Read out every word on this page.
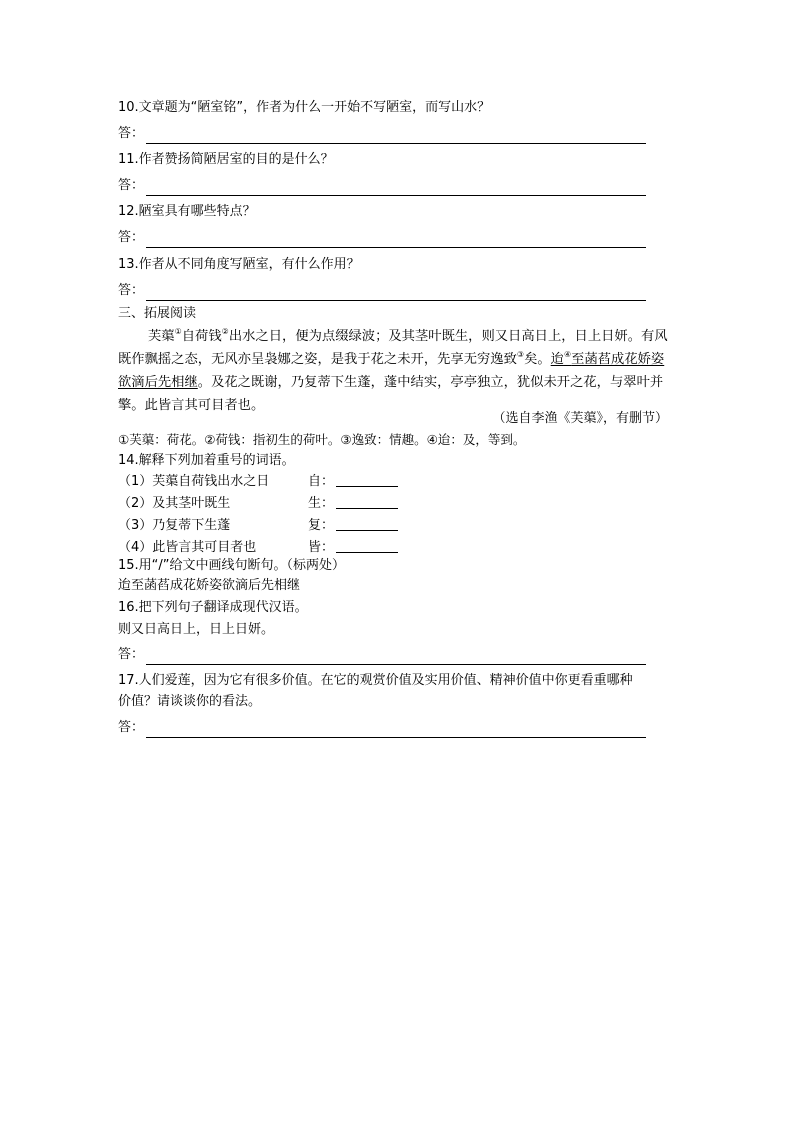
10.文章题为“陋室铭”，作者为什么一开始不写陋室，而写山水？
答：
11.作者赞扬简陋居室的目的是什么？
答：
12.陋室具有哪些特点？
答：
13.作者从不同角度写陋室，有什么作用？
答：
三、拓展阅读

芙蕖①自荷钱②出水之日，便为点缀绿波；及其茎叶既生，则又日高日上，日上日妍。有风既作飘摇之态，无风亦呈袅娜之姿，是我于花之未开，先享无穷逸致③矣。迨④至菡萏成花娇姿欲滴后先相继。及花之既谢，乃复蒂下生蓬，蓬中结实，亭亭独立，犹似未开之花，与翠叶并擎。此皆言其可目者也。

（选自李渔《芙蕖》，有删节）
①芙蕖：荷花。②荷钱：指初生的荷叶。③逸致：情趣。④迨：及，等到。
14.解释下列加着重号的词语。
（1）芙蕖自荷钱出水之日	自：
（2）及其茎叶既生	生：
（3）乃复蒂下生蓬	复：
（4）此皆言其可目者也	皆：
15.用“/”给文中画线句断句。（标两处）
迨至菡萏成花娇姿欲滴后先相继
16.把下列句子翻译成现代汉语。
则又日高日上，日上日妍。
答：
17.人们爱莲，因为它有很多价值。在它的观赏价值及实用价值、精神价值中你更看重哪种
价值？请谈谈你的看法。
答：
